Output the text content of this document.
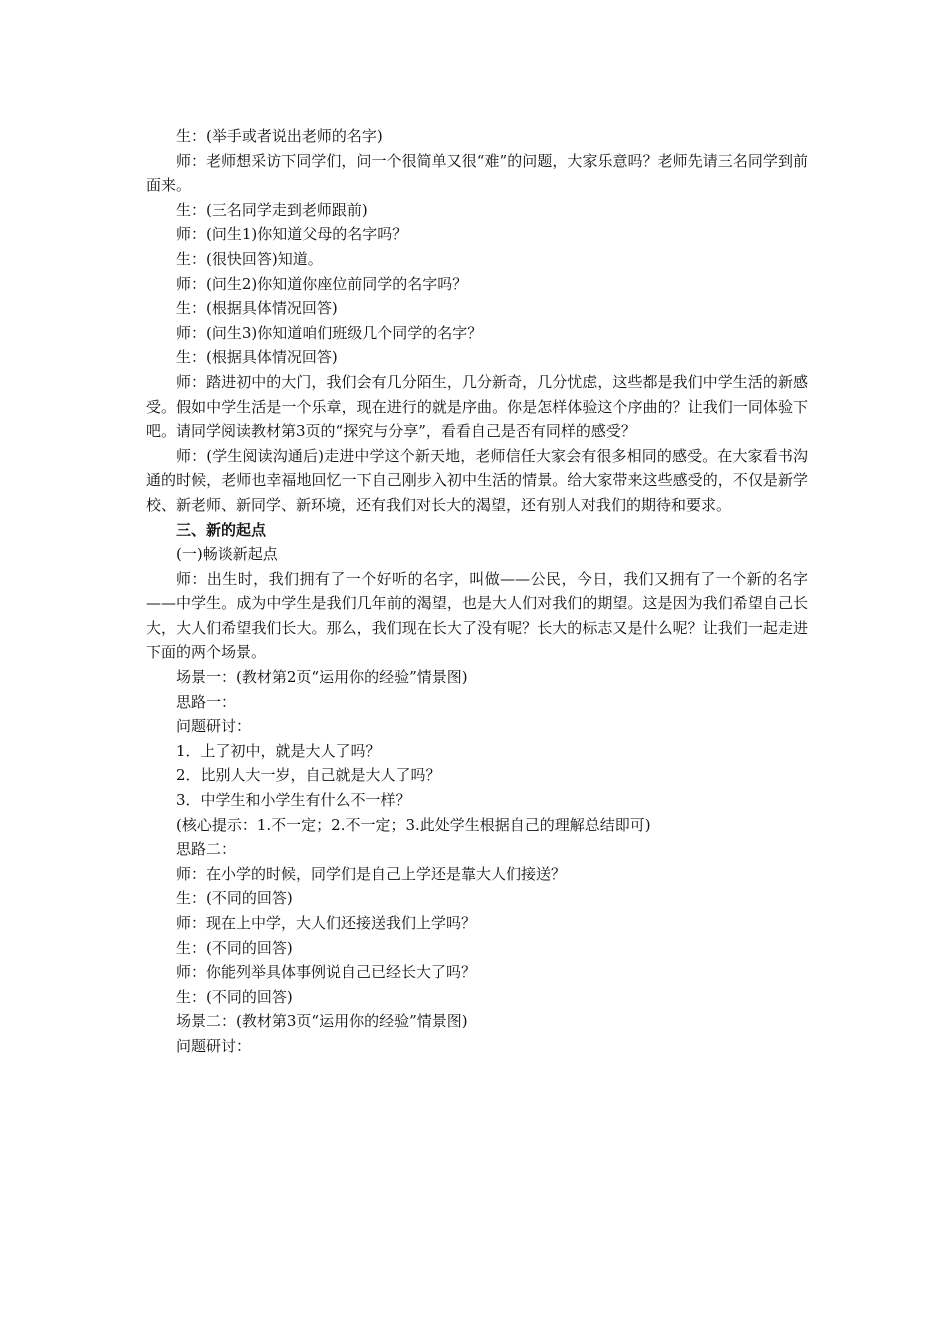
生：(举手或者说出老师的名字)

师：老师想采访下同学们，问一个很简单又很“难”的问题，大家乐意吗？老师先请三名同学到前面来。

生：(三名同学走到老师跟前)

师：(问生1)你知道父母的名字吗？

生：(很快回答)知道。

师：(问生2)你知道你座位前同学的名字吗？

生：(根据具体情况回答)

师：(问生3)你知道咱们班级几个同学的名字？

生：(根据具体情况回答)

师：踏进初中的大门，我们会有几分陌生，几分新奇，几分忧虑，这些都是我们中学生活的新感受。假如中学生活是一个乐章，现在进行的就是序曲。你是怎样体验这个序曲的？让我们一同体验下吧。请同学阅读教材第3页的“探究与分享”，看看自己是否有同样的感受？

师：(学生阅读沟通后)走进中学这个新天地，老师信任大家会有很多相同的感受。在大家看书沟通的时候，老师也幸福地回忆一下自己刚步入初中生活的情景。给大家带来这些感受的，不仅是新学校、新老师、新同学、新环境，还有我们对长大的渴望，还有别人对我们的期待和要求。

三、新的起点

(一)畅谈新起点

师：出生时，我们拥有了一个好听的名字，叫做——公民，今日，我们又拥有了一个新的名字——中学生。成为中学生是我们几年前的渴望，也是大人们对我们的期望。这是因为我们希望自己长大，大人们希望我们长大。那么，我们现在长大了没有呢？长大的标志又是什么呢？让我们一起走进下面的两个场景。

场景一：(教材第2页“运用你的经验”情景图)

思路一：

问题研讨：

1．上了初中，就是大人了吗？

2．比别人大一岁，自己就是大人了吗？

3．中学生和小学生有什么不一样？

(核心提示：1.不一定；2.不一定；3.此处学生根据自己的理解总结即可)

思路二：

师：在小学的时候，同学们是自己上学还是靠大人们接送？

生：(不同的回答)

师：现在上中学，大人们还接送我们上学吗？

生：(不同的回答)

师：你能列举具体事例说自己已经长大了吗？

生：(不同的回答)

场景二：(教材第3页“运用你的经验”情景图)

问题研讨：
